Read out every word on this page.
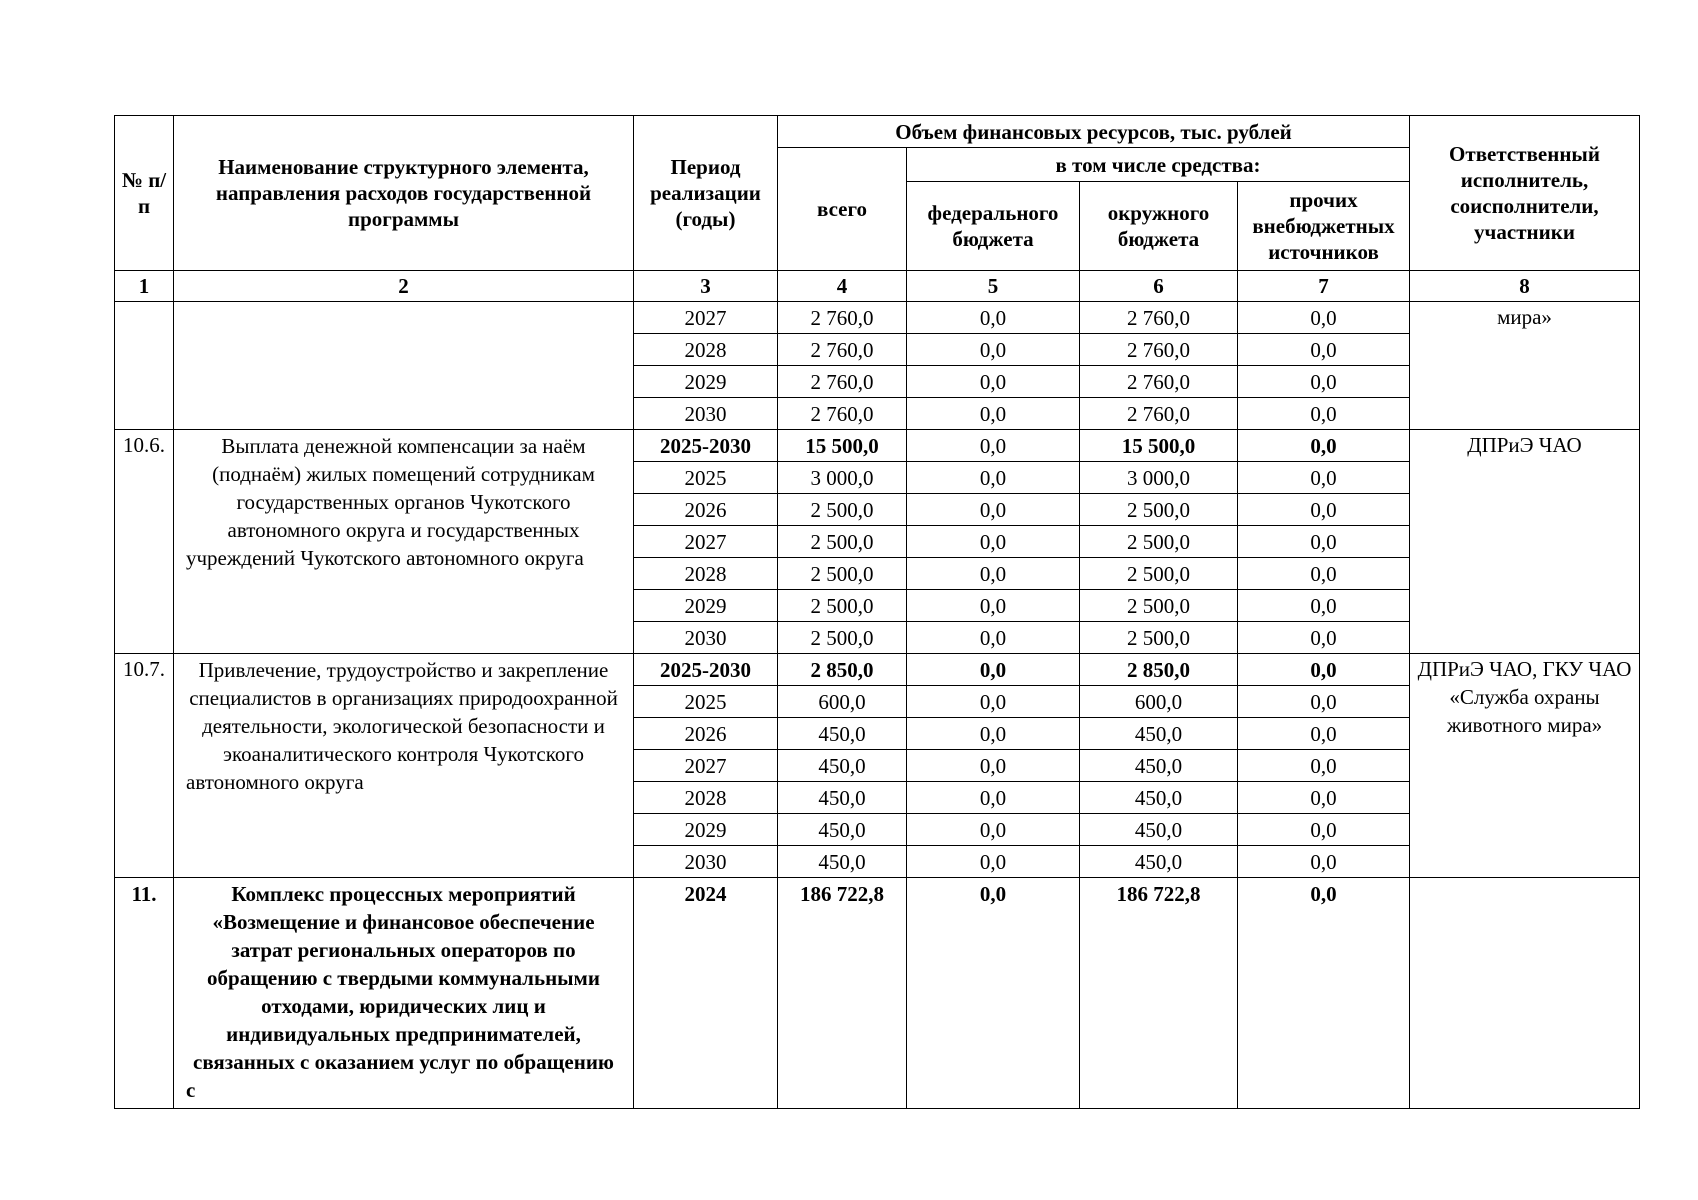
№ п/п	Наименование структурного элемента, направления расходов государственной программы	Период реализации (годы)	Объем финансовых ресурсов, тыс. рублей				Ответственный исполнитель, соисполнители, участники
			всего	в том числе средства:			
				федерального бюджета	окружного бюджета	прочих внебюджетных источников	
1	2	3	4	5	6	7	8
		2027	2 760,0	0,0	2 760,0	0,0	мира»
		2028	2 760,0	0,0	2 760,0	0,0	
		2029	2 760,0	0,0	2 760,0	0,0	
		2030	2 760,0	0,0	2 760,0	0,0	
10.6.	Выплата денежной компенсации за наём (поднаём) жилых помещений сотрудникам государственных органов Чукотского автономного округа и государственных учреждений Чукотского автономного округа	2025-2030	15 500,0	0,0	15 500,0	0,0	ДПРиЭ ЧАО
		2025	3 000,0	0,0	3 000,0	0,0	
		2026	2 500,0	0,0	2 500,0	0,0	
		2027	2 500,0	0,0	2 500,0	0,0	
		2028	2 500,0	0,0	2 500,0	0,0	
		2029	2 500,0	0,0	2 500,0	0,0	
		2030	2 500,0	0,0	2 500,0	0,0	
10.7.	Привлечение, трудоустройство и закрепление специалистов в организациях природоохранной деятельности, экологической безопасности и экоаналитического контроля Чукотского автономного округа	2025-2030	2 850,0	0,0	2 850,0	0,0	ДПРиЭ ЧАО, ГКУ ЧАО «Служба охраны животного мира»
		2025	600,0	0,0	600,0	0,0	
		2026	450,0	0,0	450,0	0,0	
		2027	450,0	0,0	450,0	0,0	
		2028	450,0	0,0	450,0	0,0	
		2029	450,0	0,0	450,0	0,0	
		2030	450,0	0,0	450,0	0,0	
11.	Комплекс процессных мероприятий «Возмещение и финансовое обеспечение затрат региональных операторов по обращению с твердыми коммунальными отходами, юридических лиц и индивидуальных предпринимателей, связанных с оказанием услуг по обращению с	2024	186 722,8	0,0	186 722,8	0,0	
